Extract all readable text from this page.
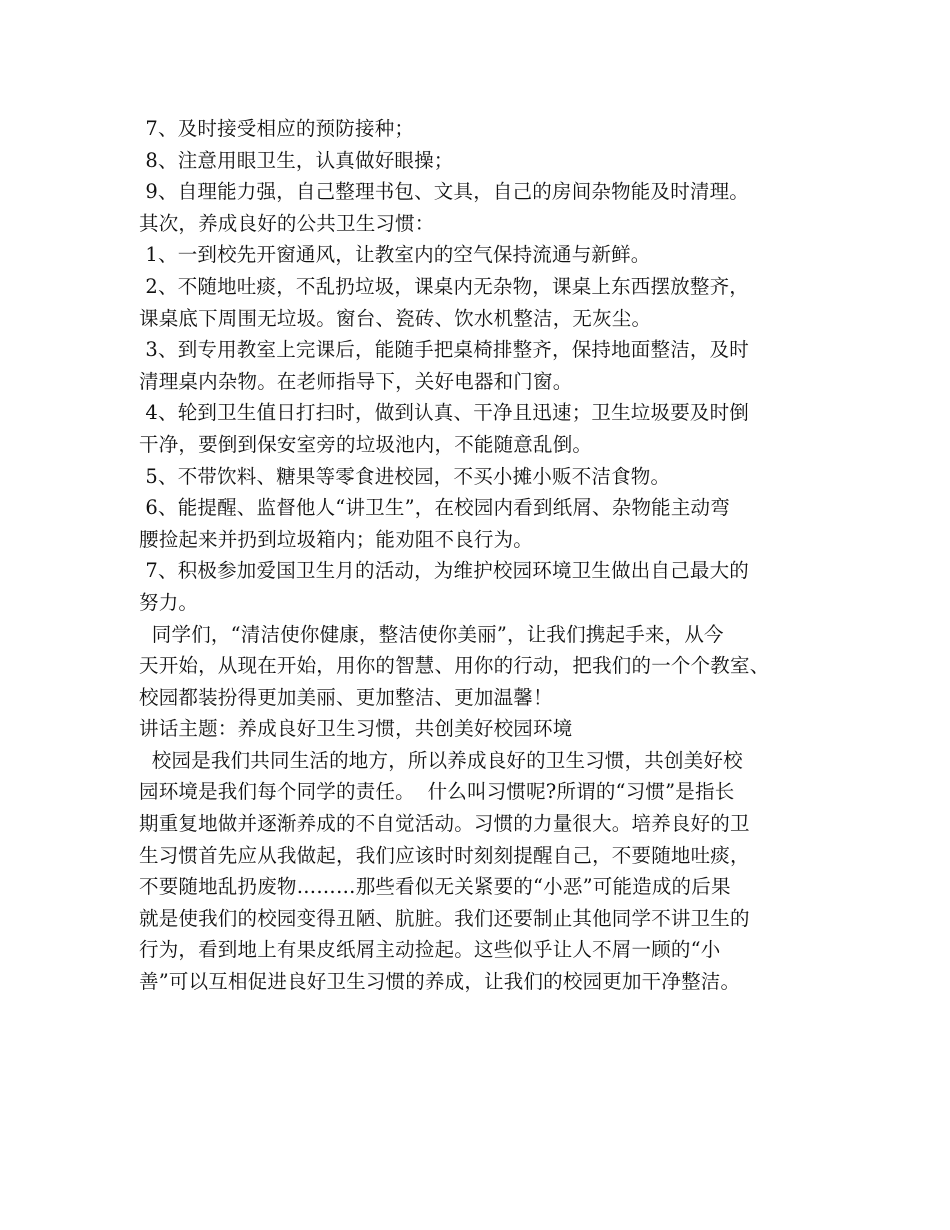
7、及时接受相应的预防接种；
8、注意用眼卫生，认真做好眼操；
9、自理能力强，自己整理书包、文具，自己的房间杂物能及时清理。
其次，养成良好的公共卫生习惯：
1、一到校先开窗通风，让教室内的空气保持流通与新鲜。
2、不随地吐痰，不乱扔垃圾，课桌内无杂物，课桌上东西摆放整齐，
课桌底下周围无垃圾。窗台、瓷砖、饮水机整洁，无灰尘。
3、到专用教室上完课后，能随手把桌椅排整齐，保持地面整洁，及时
清理桌内杂物。在老师指导下，关好电器和门窗。
4、轮到卫生值日打扫时，做到认真、干净且迅速；卫生垃圾要及时倒
干净，要倒到保安室旁的垃圾池内，不能随意乱倒。
5、不带饮料、糖果等零食进校园，不买小摊小贩不洁食物。
6、能提醒、监督他人“讲卫生”，在校园内看到纸屑、杂物能主动弯
腰捡起来并扔到垃圾箱内；能劝阻不良行为。
7、积极参加爱国卫生月的活动，为维护校园环境卫生做出自己最大的
努力。
同学们，“清洁使你健康，整洁使你美丽”，让我们携起手来，从今
天开始，从现在开始，用你的智慧、用你的行动，把我们的一个个教室、
校园都装扮得更加美丽、更加整洁、更加温馨！
讲话主题：养成良好卫生习惯，共创美好校园环境
校园是我们共同生活的地方，所以养成良好的卫生习惯，共创美好校
园环境是我们每个同学的责任。  什么叫习惯呢?所谓的“习惯”是指长
期重复地做并逐渐养成的不自觉活动。习惯的力量很大。培养良好的卫
生习惯首先应从我做起，我们应该时时刻刻提醒自己，不要随地吐痰，
不要随地乱扔废物………那些看似无关紧要的“小恶”可能造成的后果
就是使我们的校园变得丑陋、肮脏。我们还要制止其他同学不讲卫生的
行为，看到地上有果皮纸屑主动捡起。这些似乎让人不屑一顾的“小
善”可以互相促进良好卫生习惯的养成，让我们的校园更加干净整洁。
